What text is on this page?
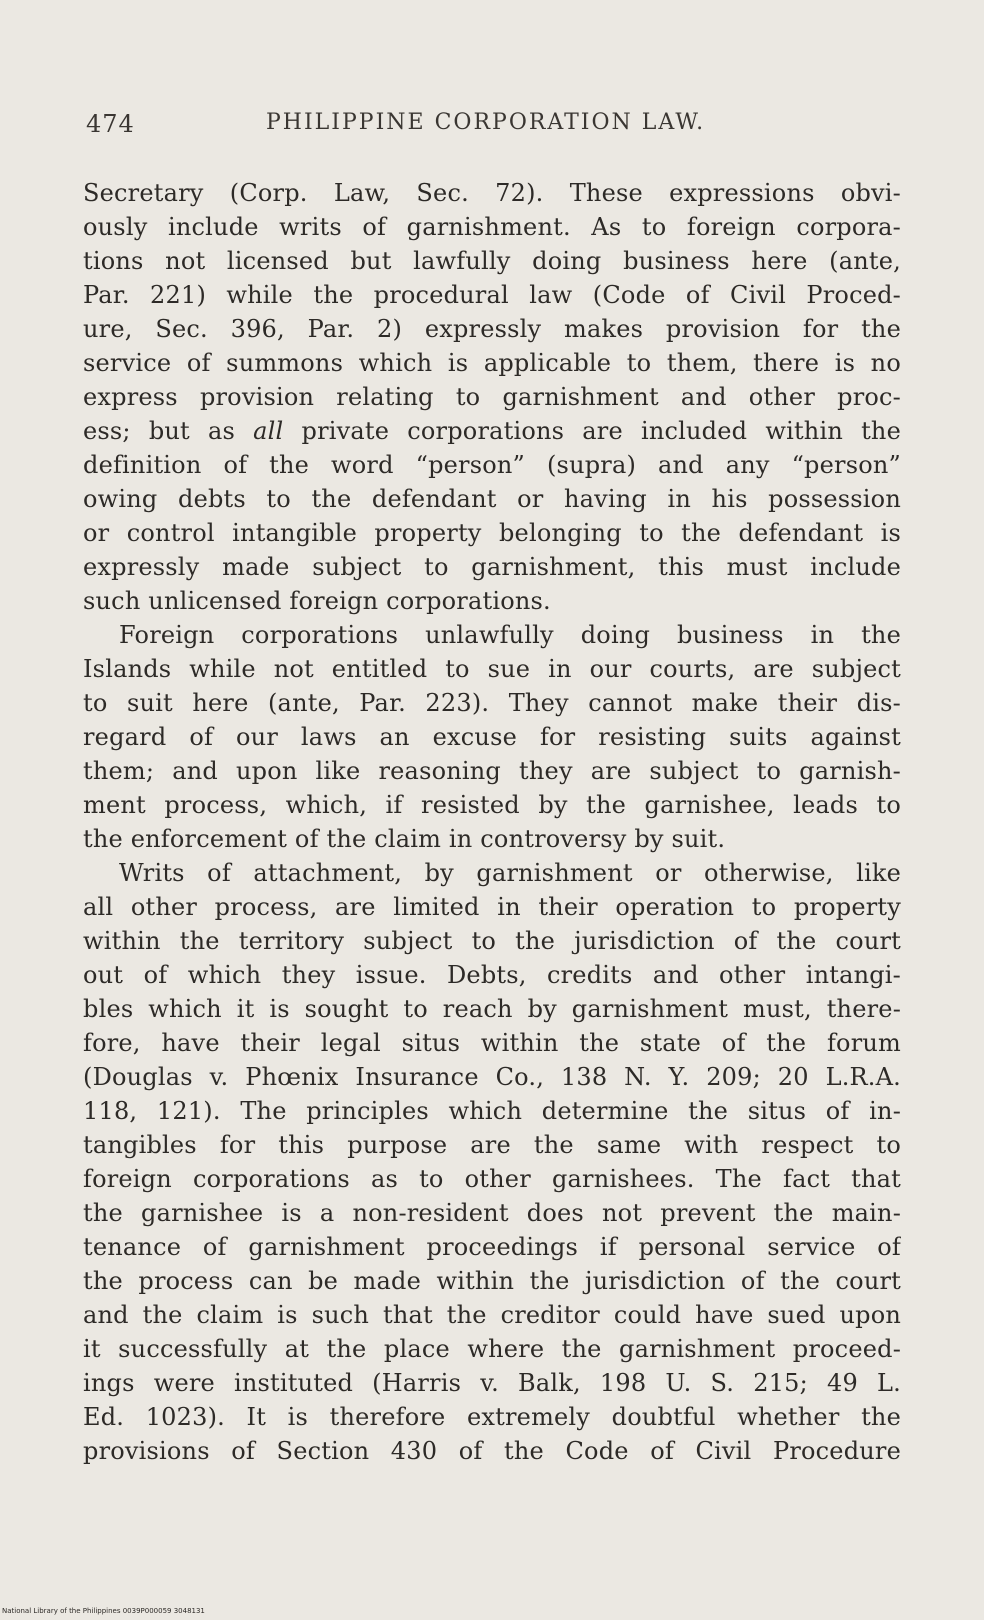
474	PHILIPPINE CORPORATION LAW.
Secretary (Corp. Law, Sec. 72). These expressions obvi-
ously include writs of garnishment. As to foreign corpora-
tions not licensed but lawfully doing business here (ante,
Par. 221) while the procedural law (Code of Civil Proced-
ure, Sec. 396, Par. 2) expressly makes provision for the
service of summons which is applicable to them, there is no
express provision relating to garnishment and other proc-
ess; but as all private corporations are included within the
definition of the word “person” (supra) and any “person”
owing debts to the defendant or having in his possession
or control intangible property belonging to the defendant is
expressly made subject to garnishment, this must include
such unlicensed foreign corporations.
Foreign corporations unlawfully doing business in the
Islands while not entitled to sue in our courts, are subject
to suit here (ante, Par. 223). They cannot make their dis-
regard of our laws an excuse for resisting suits against
them; and upon like reasoning they are subject to garnish-
ment process, which, if resisted by the garnishee, leads to
the enforcement of the claim in controversy by suit.
Writs of attachment, by garnishment or otherwise, like
all other process, are limited in their operation to property
within the territory subject to the jurisdiction of the court
out of which they issue. Debts, credits and other intangi-
bles which it is sought to reach by garnishment must, there-
fore, have their legal situs within the state of the forum
(Douglas v. Phœnix Insurance Co., 138 N. Y. 209; 20 L.R.A.
118, 121). The principles which determine the situs of in-
tangibles for this purpose are the same with respect to
foreign corporations as to other garnishees. The fact that
the garnishee is a non-resident does not prevent the main-
tenance of garnishment proceedings if personal service of
the process can be made within the jurisdiction of the court
and the claim is such that the creditor could have sued upon
it successfully at the place where the garnishment proceed-
ings were instituted (Harris v. Balk, 198 U. S. 215; 49 L.
Ed. 1023). It is therefore extremely doubtful whether the
provisions of Section 430 of the Code of Civil Procedure
National Library of the Philippines 0039P000059 3048131
